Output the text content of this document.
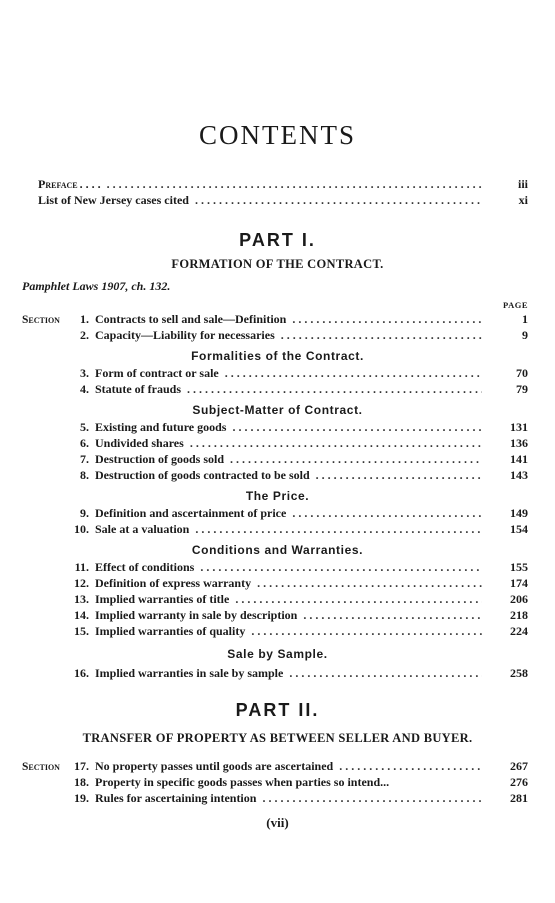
CONTENTS
Preface . . . . .....	iii
List of New Jersey cases cited .....	xi
PART I.
FORMATION OF THE CONTRACT.
Pamphlet Laws 1907, ch. 132.
PAGE
Section	1. Contracts to sell and sale—Definition .....	1
2. Capacity—Liability for necessaries .....	9
Formalities of the Contract.
3. Form of contract or sale .....	70
4. Statute of frauds .....	79
Subject-Matter of Contract.
5. Existing and future goods .....	131
6. Undivided shares .....	136
7. Destruction of goods sold .....	141
8. Destruction of goods contracted to be sold .....	143
The Price.
9. Definition and ascertainment of price .....	149
10. Sale at a valuation .....	154
Conditions and Warranties.
11. Effect of conditions .....	155
12. Definition of express warranty .....	174
13. Implied warranties of title .....	206
14. Implied warranty in sale by description .....	218
15. Implied warranties of quality .....	224
Sale by Sample.
16. Implied warranties in sale by sample .....	258
PART II.
TRANSFER OF PROPERTY AS BETWEEN SELLER AND BUYER.
Section	17. No property passes until goods are ascertained .....	267
18. Property in specific goods passes when parties so intend...	276
19. Rules for ascertaining intention .....	281
(vii)
